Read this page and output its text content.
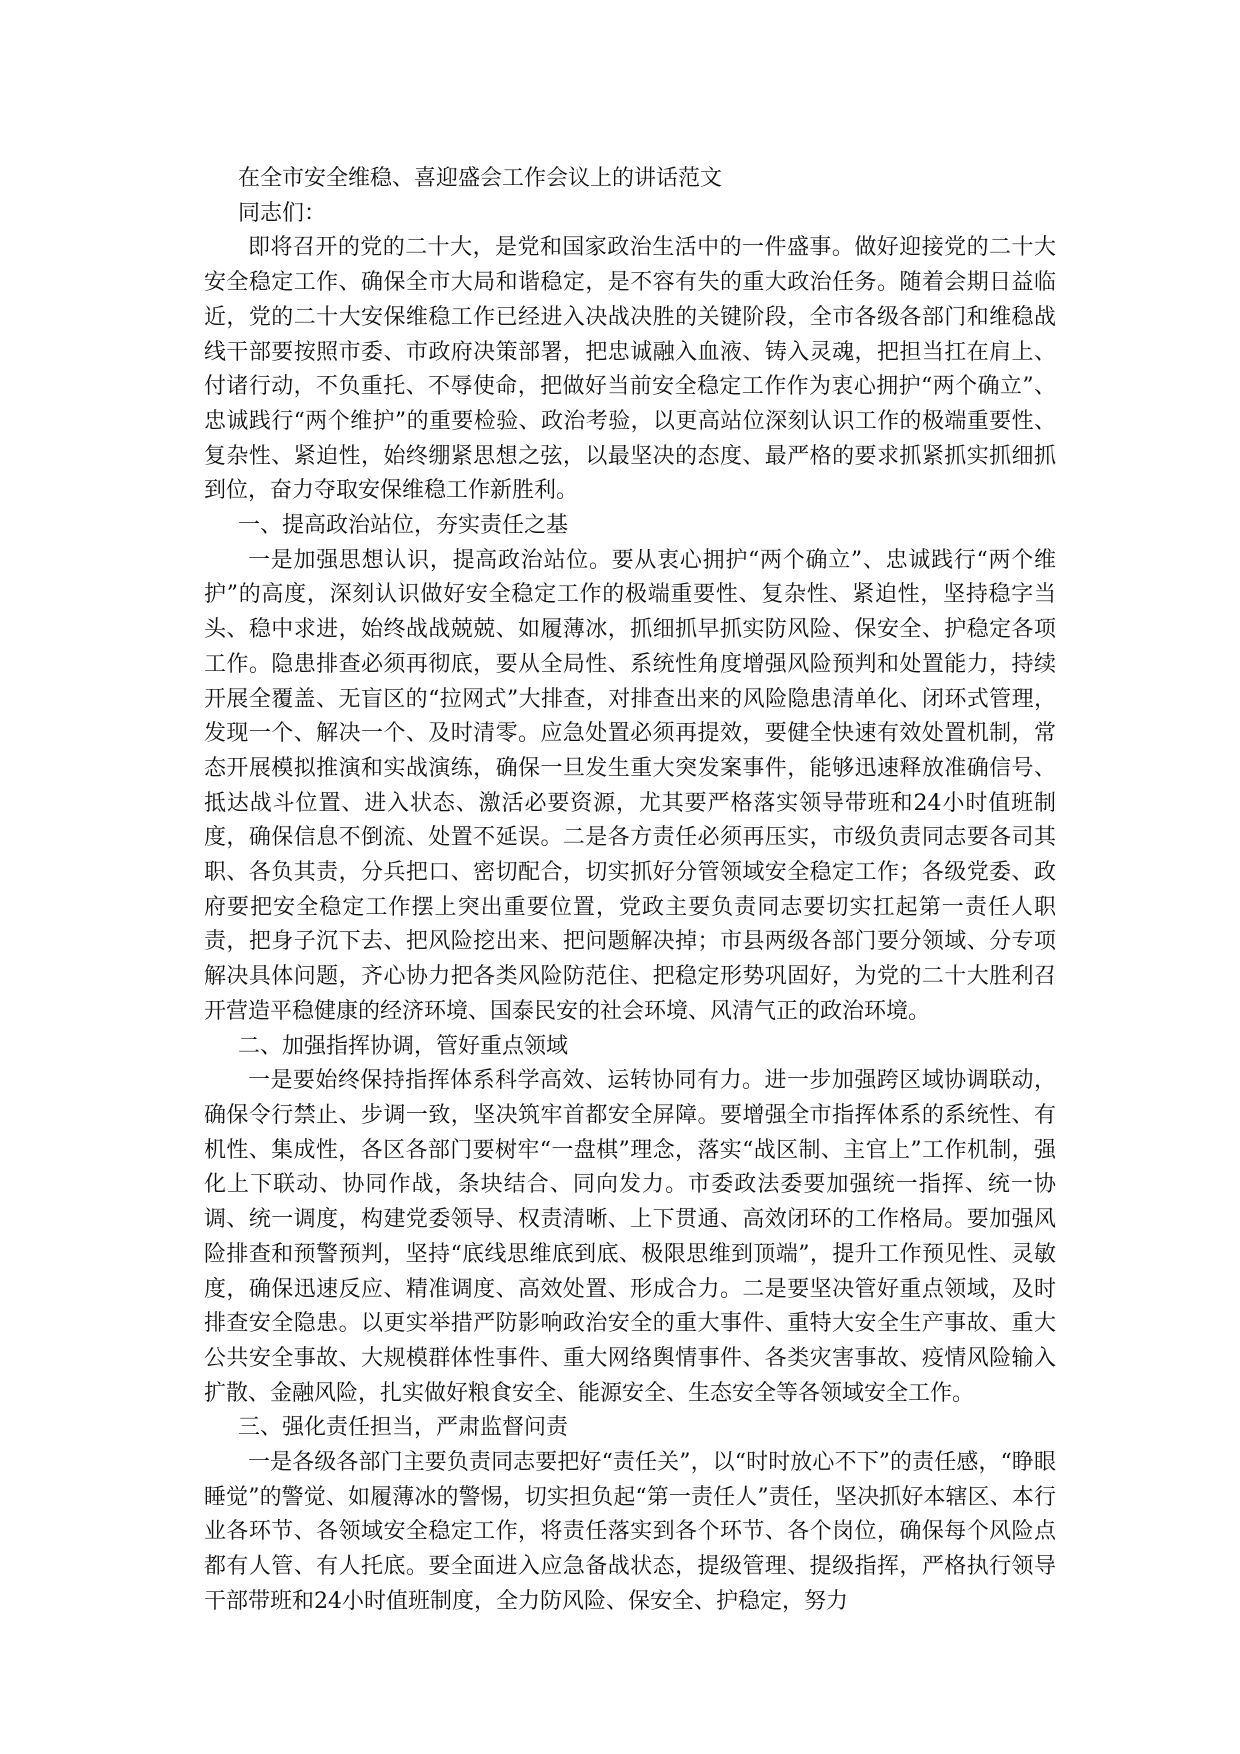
在全市安全维稳、喜迎盛会工作会议上的讲话范文

同志们：

即将召开的党的二十大，是党和国家政治生活中的一件盛事。做好迎接党的二十大安全稳定工作、确保全市大局和谐稳定，是不容有失的重大政治任务。随着会期日益临近，党的二十大安保维稳工作已经进入决战决胜的关键阶段，全市各级各部门和维稳战线干部要按照市委、市政府决策部署，把忠诚融入血液、铸入灵魂，把担当扛在肩上、付诸行动，不负重托、不辱使命，把做好当前安全稳定工作作为衷心拥护“两个确立”、忠诚践行“两个维护”的重要检验、政治考验，以更高站位深刻认识工作的极端重要性、复杂性、紧迫性，始终绷紧思想之弦，以最坚决的态度、最严格的要求抓紧抓实抓细抓到位，奋力夺取安保维稳工作新胜利。

一、提高政治站位，夯实责任之基

一是加强思想认识，提高政治站位。要从衷心拥护“两个确立”、忠诚践行“两个维护”的高度，深刻认识做好安全稳定工作的极端重要性、复杂性、紧迫性，坚持稳字当头、稳中求进，始终战战兢兢、如履薄冰，抓细抓早抓实防风险、保安全、护稳定各项工作。隐患排查必须再彻底，要从全局性、系统性角度增强风险预判和处置能力，持续开展全覆盖、无盲区的“拉网式”大排查，对排查出来的风险隐患清单化、闭环式管理，发现一个、解决一个、及时清零。应急处置必须再提效，要健全快速有效处置机制，常态开展模拟推演和实战演练，确保一旦发生重大突发案事件，能够迅速释放准确信号、抵达战斗位置、进入状态、激活必要资源，尤其要严格落实领导带班和24小时值班制度，确保信息不倒流、处置不延误。二是各方责任必须再压实，市级负责同志要各司其职、各负其责，分兵把口、密切配合，切实抓好分管领域安全稳定工作；各级党委、政府要把安全稳定工作摆上突出重要位置，党政主要负责同志要切实扛起第一责任人职责，把身子沉下去、把风险挖出来、把问题解决掉；市县两级各部门要分领域、分专项解决具体问题，齐心协力把各类风险防范住、把稳定形势巩固好，为党的二十大胜利召开营造平稳健康的经济环境、国泰民安的社会环境、风清气正的政治环境。

二、加强指挥协调，管好重点领域

一是要始终保持指挥体系科学高效、运转协同有力。进一步加强跨区域协调联动，确保令行禁止、步调一致，坚决筑牢首都安全屏障。要增强全市指挥体系的系统性、有机性、集成性，各区各部门要树牢“一盘棋”理念，落实“战区制、主官上”工作机制，强化上下联动、协同作战，条块结合、同向发力。市委政法委要加强统一指挥、统一协调、统一调度，构建党委领导、权责清晰、上下贯通、高效闭环的工作格局。要加强风险排查和预警预判，坚持“底线思维底到底、极限思维到顶端”，提升工作预见性、灵敏度，确保迅速反应、精准调度、高效处置、形成合力。二是要坚决管好重点领域，及时排查安全隐患。以更实举措严防影响政治安全的重大事件、重特大安全生产事故、重大公共安全事故、大规模群体性事件、重大网络舆情事件、各类灾害事故、疫情风险输入扩散、金融风险，扎实做好粮食安全、能源安全、生态安全等各领域安全工作。

三、强化责任担当，严肃监督问责

一是各级各部门主要负责同志要把好“责任关”，以“时时放心不下”的责任感，“睁眼睡觉”的警觉、如履薄冰的警惕，切实担负起“第一责任人”责任，坚决抓好本辖区、本行业各环节、各领域安全稳定工作，将责任落实到各个环节、各个岗位，确保每个风险点都有人管、有人托底。要全面进入应急备战状态，提级管理、提级指挥，严格执行领导干部带班和24小时值班制度，全力防风险、保安全、护稳定，努力
